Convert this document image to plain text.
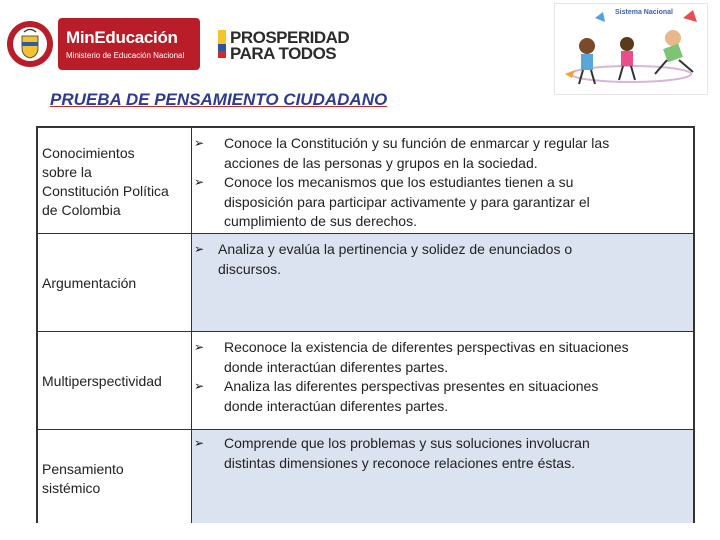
MinEducación
Ministerio de Educación Nacional
PROSPERIDAD
PARA TODOS
Sistema Nacional
PRUEBA DE PENSAMIENTO CIUDADANO
Conocimientos
sobre la
Constitución Política
de Colombia
➢ Conoce la Constitución y su función de enmarcar y regular las
acciones de las personas y grupos en la sociedad.
➢ Conoce los mecanismos que los estudiantes tienen a su
disposición para participar activamente y para garantizar el
cumplimiento de sus derechos.
Argumentación
➢ Analiza y evalúa la pertinencia y solidez de enunciados o
discursos.
Multiperspectividad
➢ Reconoce la existencia de diferentes perspectivas en situaciones
donde interactúan diferentes partes.
➢ Analiza las diferentes perspectivas presentes en situaciones
donde interactúan diferentes partes.
Pensamiento
sistémico
➢ Comprende que los problemas y sus soluciones involucran
distintas dimensiones y reconoce relaciones entre éstas.
